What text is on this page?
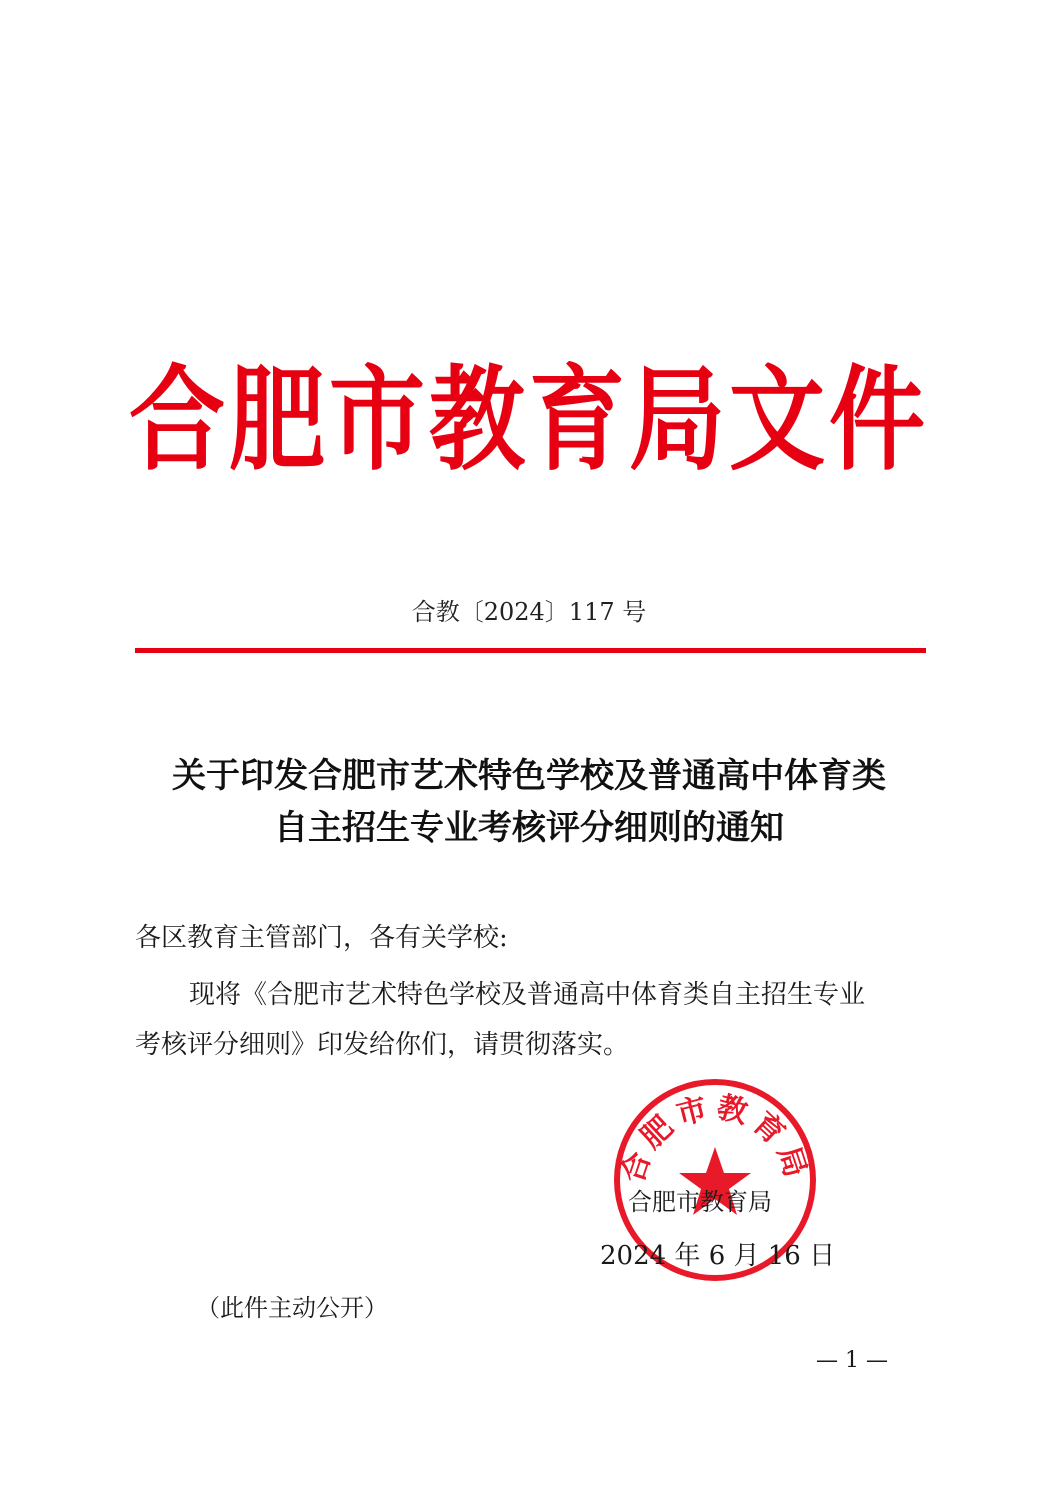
合肥市教育局文件
合教〔2024〕117 号
关于印发合肥市艺术特色学校及普通高中体育类
自主招生专业考核评分细则的通知
各区教育主管部门，各有关学校:
现将《合肥市艺术特色学校及普通高中体育类自主招生专业
考核评分细则》印发给你们，请贯彻落实。
合肥市教育局
合肥市教育局
2024 年 6 月 16 日
（此件主动公开）
— 1 —
